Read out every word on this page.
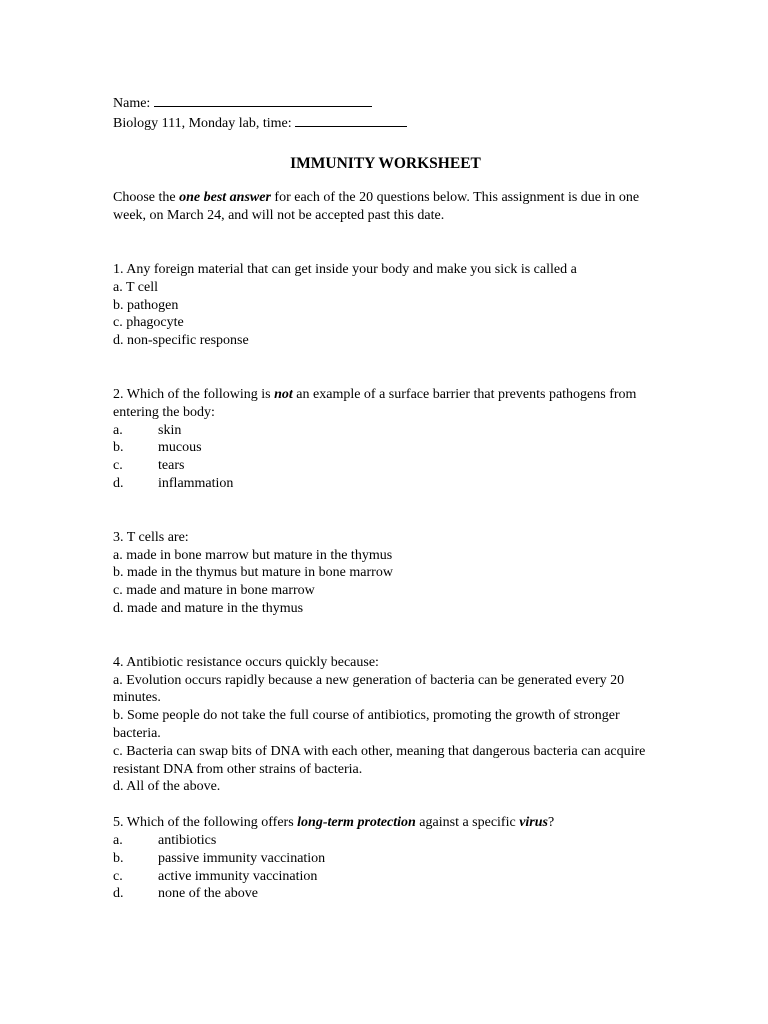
Name:
Biology 111, Monday lab, time:
IMMUNITY WORKSHEET
Choose the one best answer for each of the 20 questions below. This assignment is due in one week, on March 24, and will not be accepted past this date.
1. Any foreign material that can get inside your body and make you sick is called a
a. T cell
b. pathogen
c. phagocyte
d. non-specific response
2. Which of the following is not an example of a surface barrier that prevents pathogens from entering the body:
a.	skin
b. mucous
c.	tears
d. inflammation
3. T cells are:
a. made in bone marrow but mature in the thymus
b. made in the thymus but mature in bone marrow
c. made and mature in bone marrow
d. made and mature in the thymus
4. Antibiotic resistance occurs quickly because:
a. Evolution occurs rapidly because a new generation of bacteria can be generated every 20 minutes.
b. Some people do not take the full course of antibiotics, promoting the growth of stronger bacteria.
c. Bacteria can swap bits of DNA with each other, meaning that dangerous bacteria can acquire resistant DNA from other strains of bacteria.
d. All of the above.
5. Which of the following offers long-term protection against a specific virus?
a.	antibiotics
b. passive immunity vaccination
c.	active immunity vaccination
d. none of the above
